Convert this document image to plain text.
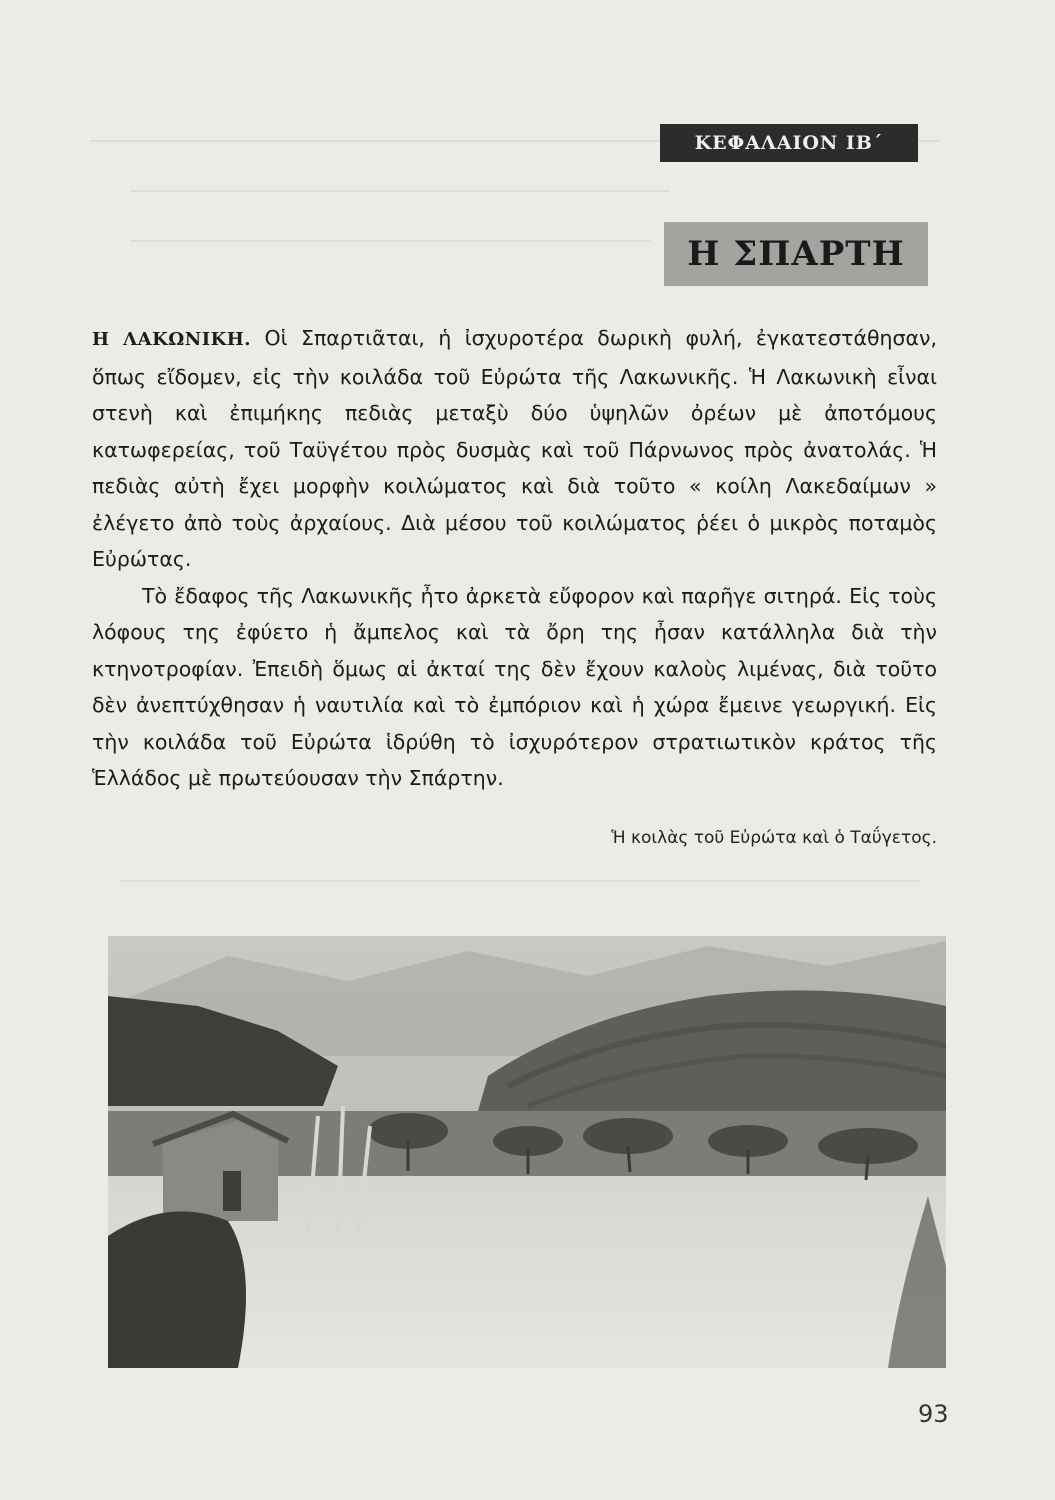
ΚΕΦΑΛΑΙΟΝ ΙΒ΄
Η ΣΠΑΡΤΗ

Η ΛΑΚΩΝΙΚΗ. Οἱ Σπαρτιᾶται, ἡ ἰσχυροτέρα δωρικὴ φυλή, ἐγκατεστάθησαν, ὅπως εἴδομεν, εἰς τὴν κοιλάδα τοῦ Εὐρώτα τῆς Λακωνικῆς. Ἡ Λακωνικὴ εἶναι στενὴ καὶ ἐπιμήκης πεδιὰς μεταξὺ δύο ὑψηλῶν ὀρέων μὲ ἀποτόμους κατωφερείας, τοῦ Ταϋγέτου πρὸς δυσμὰς καὶ τοῦ Πάρνωνος πρὸς ἀνατολάς. Ἡ πεδιὰς αὐτὴ ἔχει μορφὴν κοιλώματος καὶ διὰ τοῦτο « κοίλη Λακεδαίμων » ἐλέγετο ἀπὸ τοὺς ἀρχαίους. Διὰ μέσου τοῦ κοιλώματος ῥέει ὁ μικρὸς ποταμὸς Εὐρώτας.

Τὸ ἔδαφος τῆς Λακωνικῆς ἦτο ἀρκετὰ εὔφορον καὶ παρῆγε σιτηρά. Εἰς τοὺς λόφους της ἐφύετο ἡ ἄμπελος καὶ τὰ ὄρη της ἦσαν κατάλληλα διὰ τὴν κτηνοτροφίαν. Ἐπειδὴ ὅμως αἱ ἀκταί της δὲν ἔχουν καλοὺς λιμένας, διὰ τοῦτο δὲν ἀνεπτύχθησαν ἡ ναυτιλία καὶ τὸ ἐμπόριον καὶ ἡ χώρα ἔμεινε γεωργική. Εἰς τὴν κοιλάδα τοῦ Εὐρώτα ἱδρύθη τὸ ἰσχυρότερον στρατιωτικὸν κράτος τῆς Ἑλλάδος μὲ πρωτεύουσαν τὴν Σπάρτην.

Ἡ κοιλὰς τοῦ Εὐρώτα καὶ ὁ Ταΰγετος.
93
